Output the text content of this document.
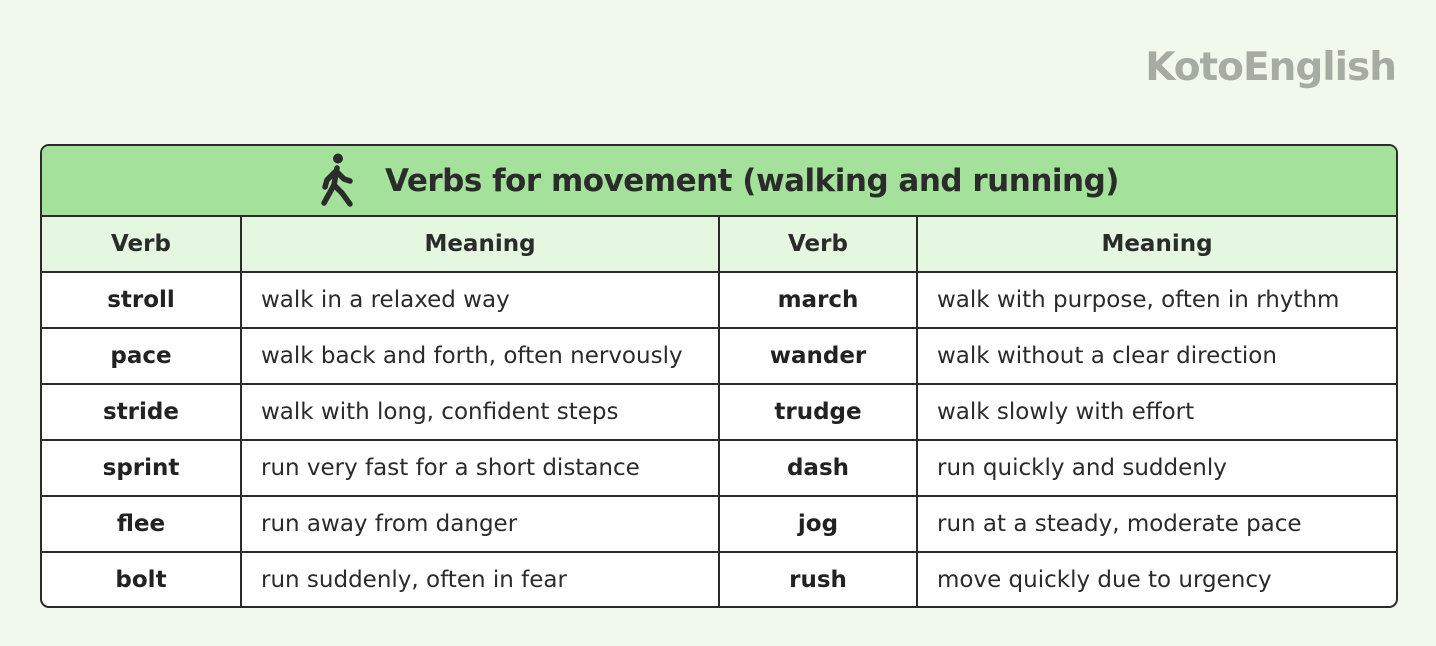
KotoEnglish
Verbs for movement (walking and running)
Verb	Meaning	Verb	Meaning
stroll	walk in a relaxed way	march	walk with purpose, often in rhythm
pace	walk back and forth, often nervously	wander	walk without a clear direction
stride	walk with long, confident steps	trudge	walk slowly with effort
sprint	run very fast for a short distance	dash	run quickly and suddenly
flee	run away from danger	jog	run at a steady, moderate pace
bolt	run suddenly, often in fear	rush	move quickly due to urgency
